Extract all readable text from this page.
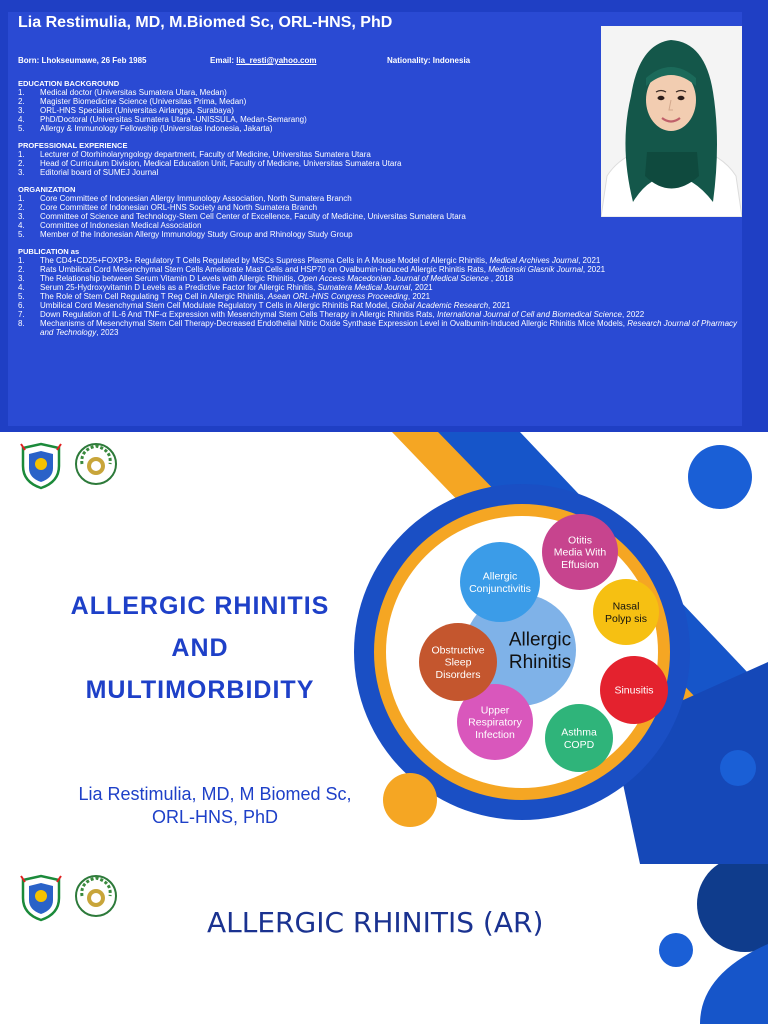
Lia Restimulia, MD, M.Biomed Sc, ORL-HNS, PhD
Born: Lhokseumawe, 26 Feb 1985	Email: lia_resti@yahoo.com	Nationality: Indonesia
EDUCATION BACKGROUND
1.	Medical doctor (Universitas Sumatera Utara, Medan)
2.	Magister Biomedicine Science (Universitas Prima, Medan)
3.	ORL-HNS Specialist (Universitas Airlangga, Surabaya)
4.	PhD/Doctoral (Universitas Sumatera Utara -UNISSULA, Medan-Semarang)
5.	Allergy & Immunology Fellowship (Universitas Indonesia, Jakarta)
PROFESSIONAL EXPERIENCE
1.	Lecturer of Otorhinolaryngology department, Faculty of Medicine, Universitas Sumatera Utara
2.	Head of Curriculum Division, Medical Education Unit, Faculty of Medicine, Universitas Sumatera Utara
3.	Editorial board of SUMEJ Journal
ORGANIZATION
1.	Core Committee of Indonesian Allergy Immunology Association, North Sumatera Branch
2.	Core Committee of Indonesian ORL-HNS Society and North Sumatera Branch
3.	Committee of Science and Technology-Stem Cell Center of Excellence, Faculty of Medicine, Universitas Sumatera Utara
4.	Committee of Indonesian Medical Association
5.	Member of the Indonesian Allergy Immunology Study Group and Rhinology Study Group
PUBLICATION as
1.	The CD4+CD25+FOXP3+ Regulatory T Cells Regulated by MSCs Supress Plasma Cells in A Mouse Model of Allergic Rhinitis, Medical Archives Journal, 2021
2.	Rats Umbilical Cord Mesenchymal Stem Cells Ameliorate Mast Cells and HSP70 on Ovalbumin-Induced Allergic Rhinitis Rats, Medicinski Glasnik Journal, 2021
3.	The Relationship between Serum Vitamin D Levels with Allergic Rhinitis, Open Access Macedonian Journal of Medical Science , 2018
4.	Serum 25-Hydroxyvitamin D Levels as a Predictive Factor for Allergic Rhinitis, Sumatera Medical Journal, 2021
5.	The Role of Stem Cell Regulating T Reg Cell in Allergic Rhinitis, Asean ORL-HNS Congress Proceeding, 2021
6.	Umbilical Cord Mesenchymal Stem Cell Modulate Regulatory T Cells in Allergic Rhinitis Rat Model, Global Academic Research, 2021
7.	Down Regulation of IL-6 And TNF-α Expression with Mesenchymal Stem Cells Therapy in Allergic Rhinitis Rats, International Journal of Cell and Biomedical Science, 2022
8.	Mechanisms of Mesenchymal Stem Cell Therapy-Decreased Endothelial Nitric Oxide Synthase Expression Level in Ovalbumin-Induced Allergic Rhinitis Mice Models, Research Journal of Pharmacy and Technology, 2023
ALLERGIC RHINITIS
AND
MULTIMORBIDITY
Lia Restimulia, MD, M Biomed Sc,
ORL-HNS, PhD
Allergic Rhinitis
Allergic Conjunctivitis
Otitis Media With Effusion
Nasal Polyp sis
Sinusitis
Asthma COPD
Upper Respiratory Infection
Obstructive Sleep Disorders
ALLERGIC RHINITIS (AR)
